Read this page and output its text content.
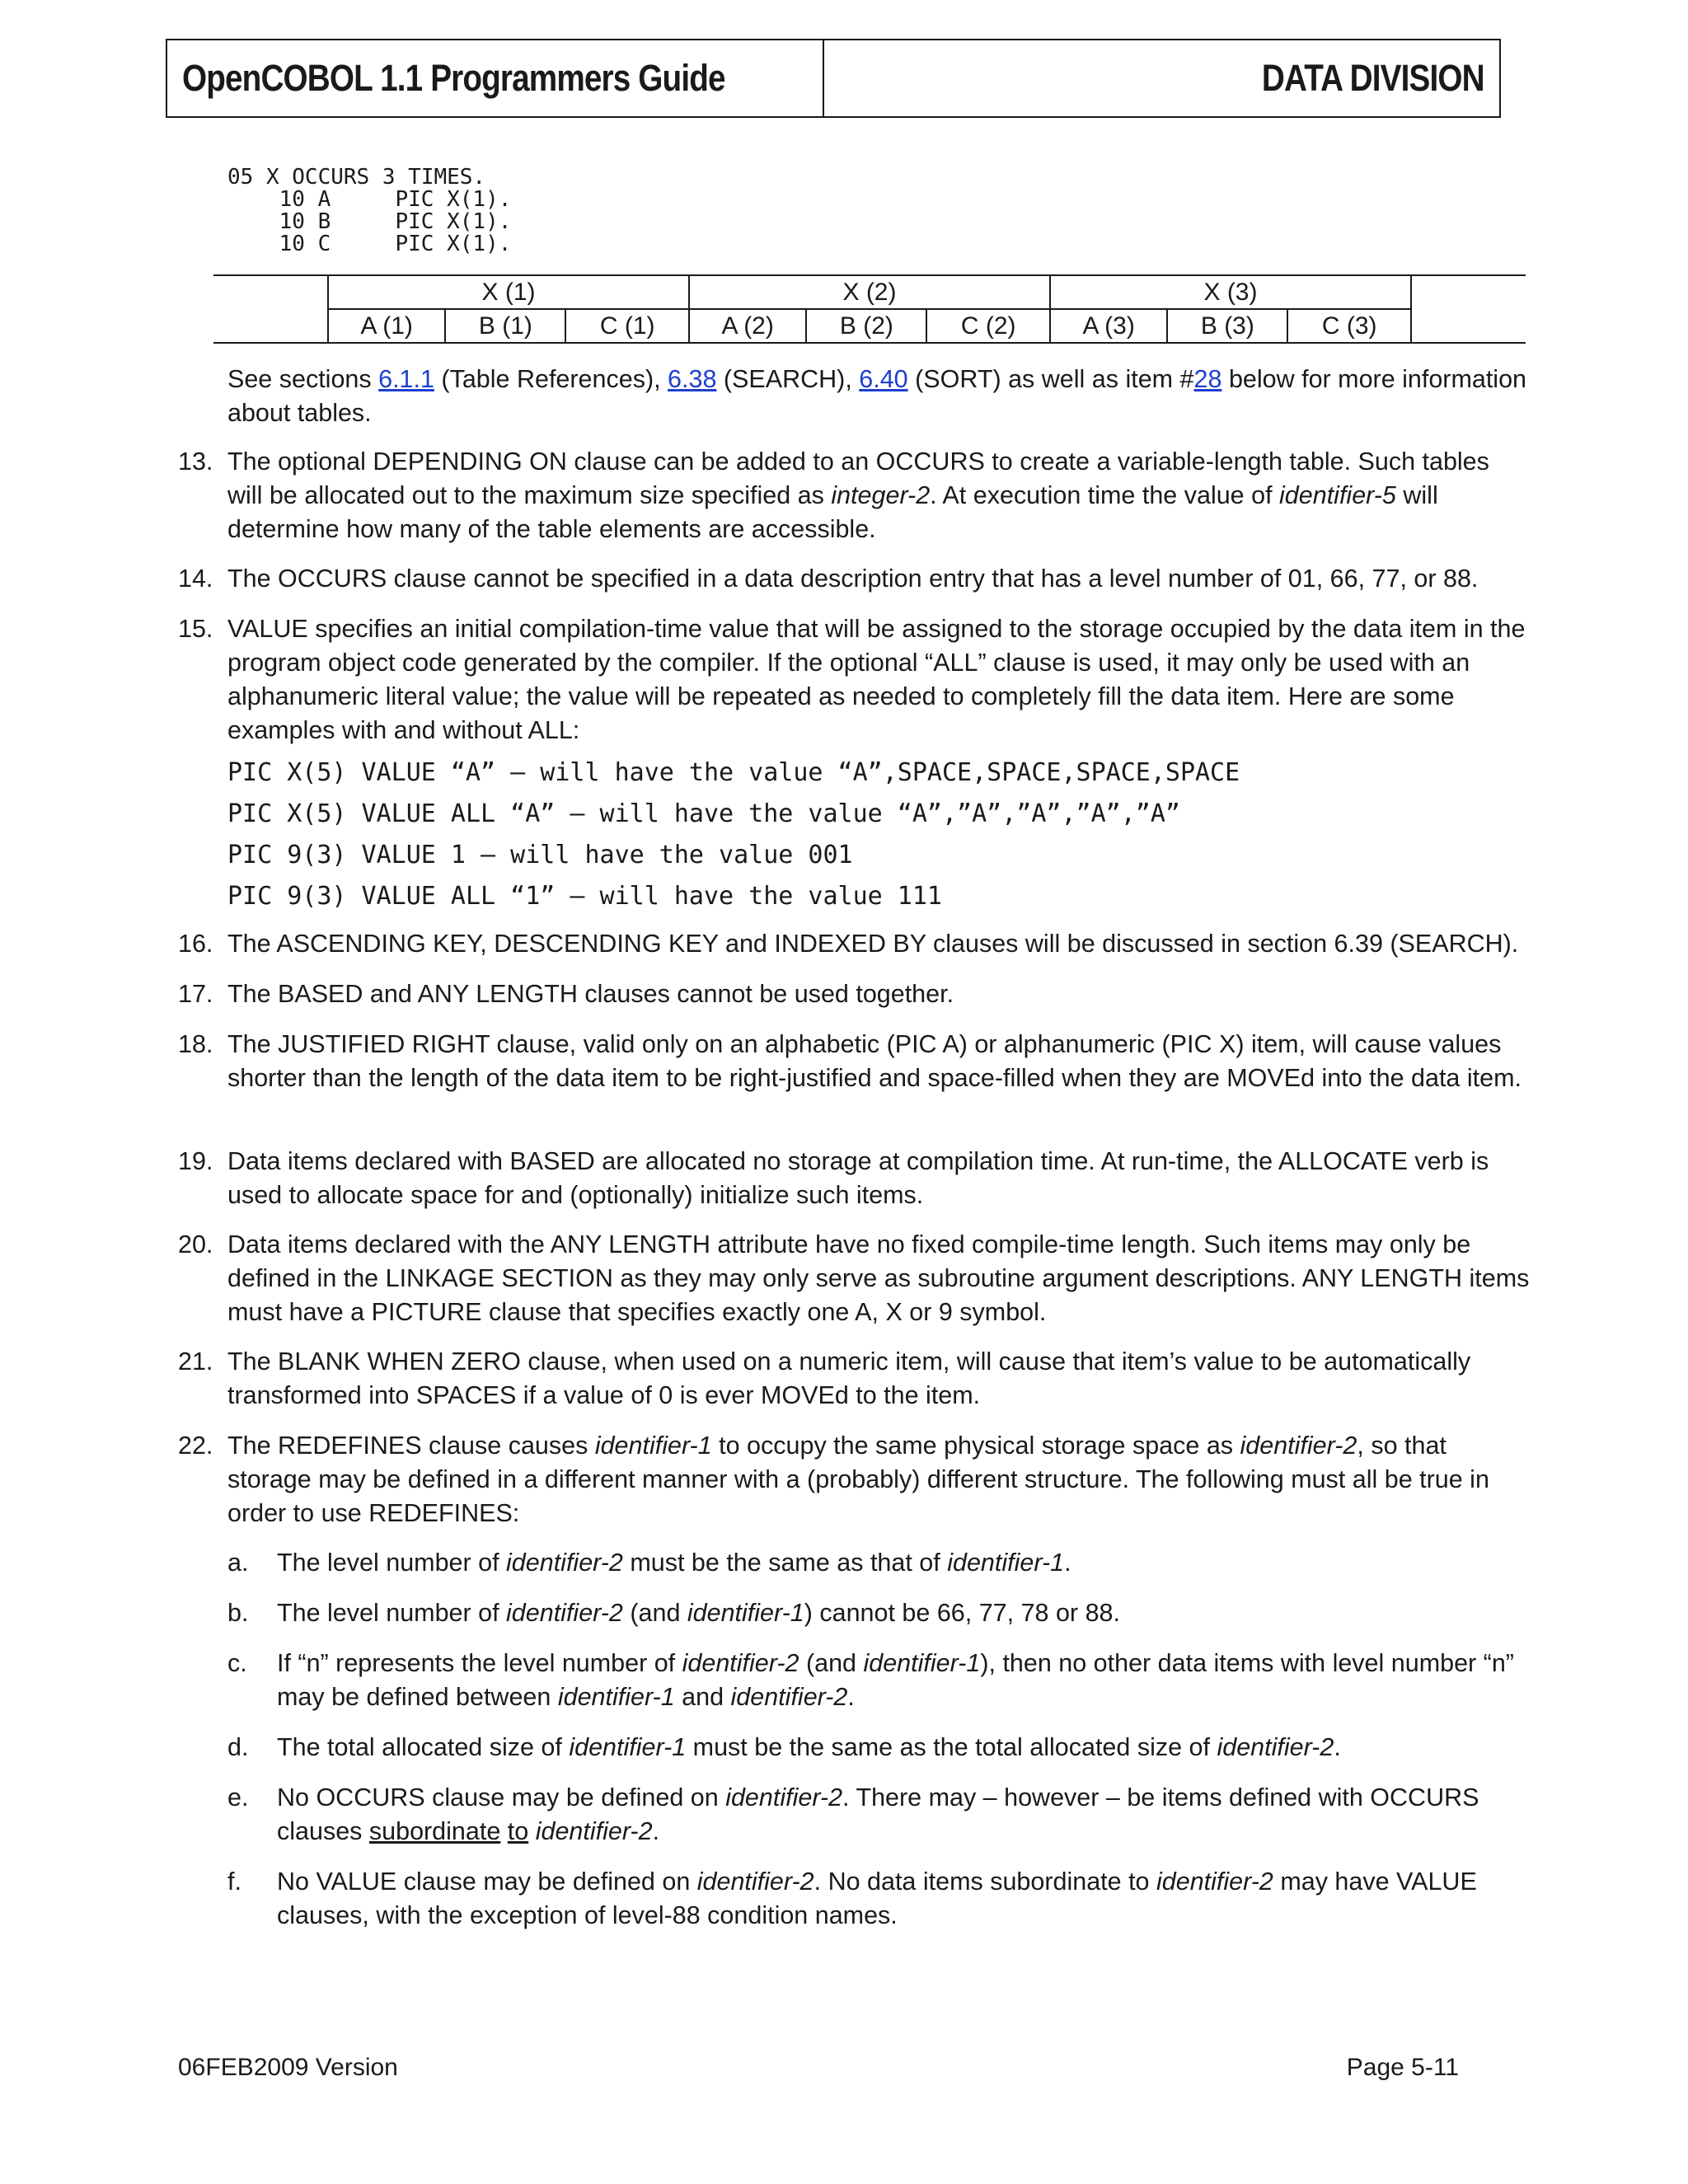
OpenCOBOL 1.1 Programmers Guide	DATA DIVISION
05 X OCCURS 3 TIMES.
10 A     PIC X(1).
10 B     PIC X(1).
10 C     PIC X(1).
	X (1)			X (2)			X (3)			
	A (1)	B (1)	C (1)	A (2)	B (2)	C (2)	A (3)	B (3)	C (3)	
See sections 6.1.1 (Table References), 6.38 (SEARCH), 6.40 (SORT) as well as item #28 below for more information about tables.
13. The optional DEPENDING ON clause can be added to an OCCURS to create a variable-length table. Such tables will be allocated out to the maximum size specified as integer-2. At execution time the value of identifier-5 will determine how many of the table elements are accessible.
14. The OCCURS clause cannot be specified in a data description entry that has a level number of 01, 66, 77, or 88.
15. VALUE specifies an initial compilation-time value that will be assigned to the storage occupied by the data item in the program object code generated by the compiler. If the optional “ALL” clause is used, it may only be used with an alphanumeric literal value; the value will be repeated as needed to completely fill the data item. Here are some examples with and without ALL:
PIC X(5) VALUE “A” – will have the value “A”,SPACE,SPACE,SPACE,SPACE
PIC X(5) VALUE ALL “A” – will have the value “A”,”A”,”A”,”A”,”A”
PIC 9(3) VALUE 1 – will have the value 001
PIC 9(3) VALUE ALL “1” – will have the value 111
16. The ASCENDING KEY, DESCENDING KEY and INDEXED BY clauses will be discussed in section 6.39 (SEARCH).
17. The BASED and ANY LENGTH clauses cannot be used together.
18. The JUSTIFIED RIGHT clause, valid only on an alphabetic (PIC A) or alphanumeric (PIC X) item, will cause values shorter than the length of the data item to be right-justified and space-filled when they are MOVEd into the data item.
19. Data items declared with BASED are allocated no storage at compilation time. At run-time, the ALLOCATE verb is used to allocate space for and (optionally) initialize such items.
20. Data items declared with the ANY LENGTH attribute have no fixed compile-time length. Such items may only be defined in the LINKAGE SECTION as they may only serve as subroutine argument descriptions. ANY LENGTH items must have a PICTURE clause that specifies exactly one A, X or 9 symbol.
21. The BLANK WHEN ZERO clause, when used on a numeric item, will cause that item’s value to be automatically transformed into SPACES if a value of 0 is ever MOVEd to the item.
22. The REDEFINES clause causes identifier-1 to occupy the same physical storage space as identifier-2, so that storage may be defined in a different manner with a (probably) different structure. The following must all be true in order to use REDEFINES:
a. The level number of identifier-2 must be the same as that of identifier-1.
b. The level number of identifier-2 (and identifier-1) cannot be 66, 77, 78 or 88.
c. If “n” represents the level number of identifier-2 (and identifier-1), then no other data items with level number “n” may be defined between identifier-1 and identifier-2.
d. The total allocated size of identifier-1 must be the same as the total allocated size of identifier-2.
e. No OCCURS clause may be defined on identifier-2. There may – however – be items defined with OCCURS clauses subordinate to identifier-2.
f. No VALUE clause may be defined on identifier-2. No data items subordinate to identifier-2 may have VALUE clauses, with the exception of level-88 condition names.
06FEB2009 Version	Page 5-11
